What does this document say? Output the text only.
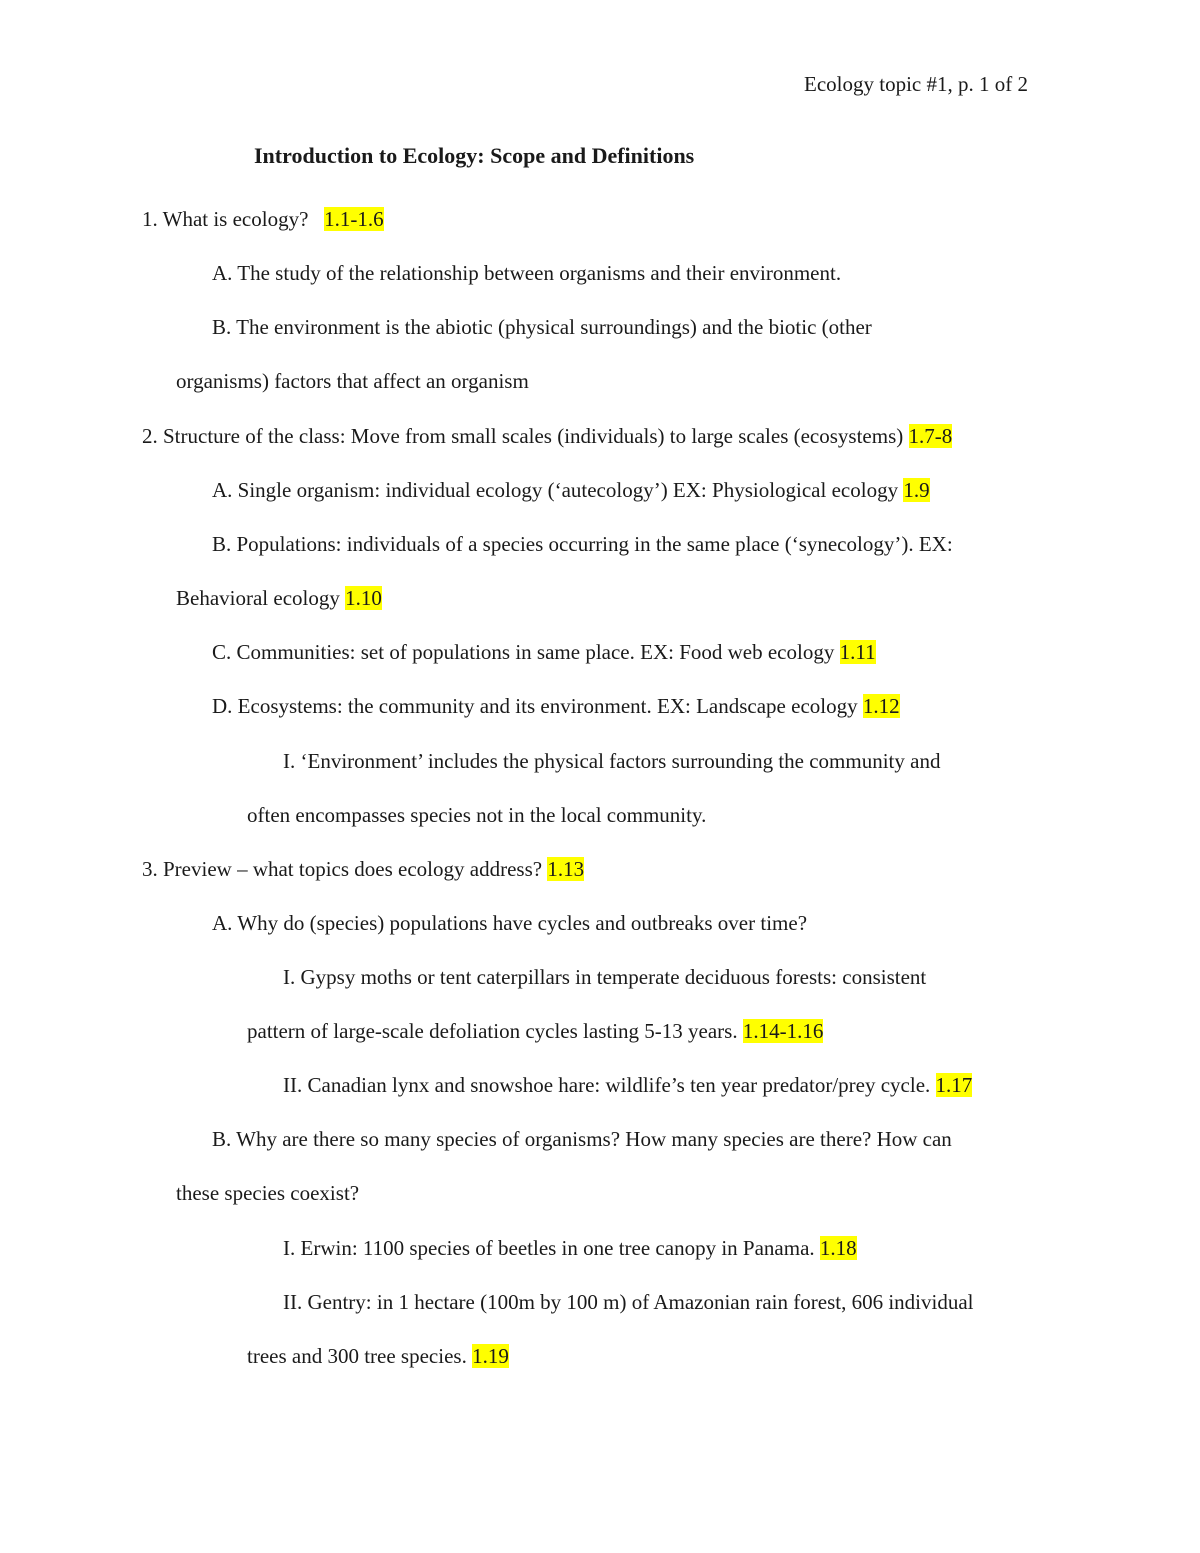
Ecology topic #1, p. 1 of 2
Introduction to Ecology: Scope and Definitions
1. What is ecology? 1.1-1.6
A. The study of the relationship between organisms and their environment.
B. The environment is the abiotic (physical surroundings) and the biotic (other
organisms) factors that affect an organism
2. Structure of the class: Move from small scales (individuals) to large scales (ecosystems) 1.7-8
A. Single organism: individual ecology (‘autecology’) EX: Physiological ecology 1.9
B. Populations: individuals of a species occurring in the same place (‘synecology’). EX:
Behavioral ecology 1.10
C. Communities: set of populations in same place. EX: Food web ecology 1.11
D. Ecosystems: the community and its environment. EX: Landscape ecology 1.12
I. ‘Environment’ includes the physical factors surrounding the community and
often encompasses species not in the local community.
3. Preview – what topics does ecology address? 1.13
A. Why do (species) populations have cycles and outbreaks over time?
I. Gypsy moths or tent caterpillars in temperate deciduous forests: consistent
pattern of large-scale defoliation cycles lasting 5-13 years. 1.14-1.16
II. Canadian lynx and snowshoe hare: wildlife’s ten year predator/prey cycle. 1.17
B. Why are there so many species of organisms? How many species are there? How can
these species coexist?
I. Erwin: 1100 species of beetles in one tree canopy in Panama. 1.18
II. Gentry: in 1 hectare (100m by 100 m) of Amazonian rain forest, 606 individual
trees and 300 tree species. 1.19
